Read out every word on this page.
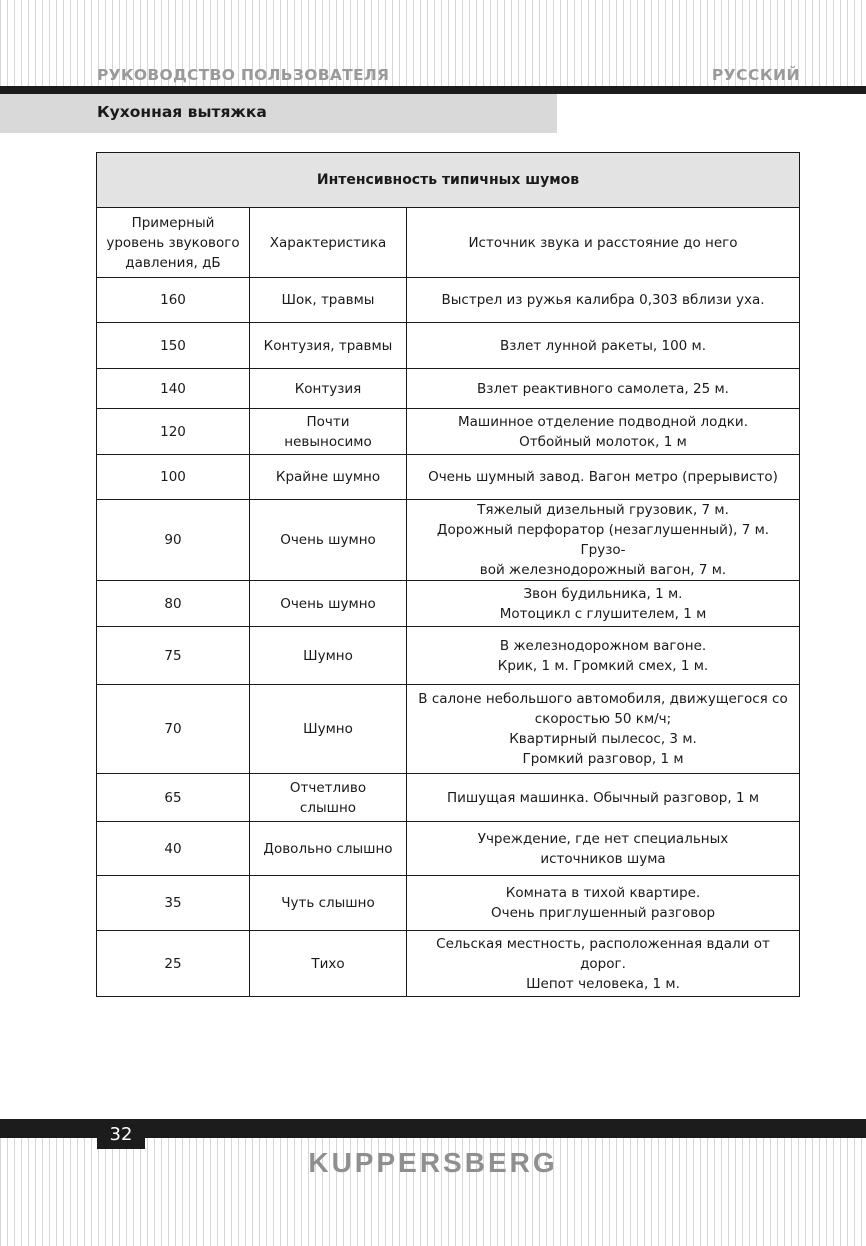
РУКОВОДСТВО ПОЛЬЗОВАТЕЛЯ	РУССКИЙ
Кухонная вытяжка
Интенсивность типичных шумов		
Примерный
уровень звукового
давления, дБ	Характеристика	Источник звука и расстояние до него
160	Шок, травмы	Выстрел из ружья калибра 0,303 вблизи уха.
150	Контузия, травмы	Взлет лунной ракеты, 100 м.
140	Контузия	Взлет реактивного самолета, 25 м.
120	Почти
невыносимо	Машинное отделение подводной лодки.
Отбойный молоток, 1 м
100	Крайне шумно	Очень шумный завод. Вагон метро (прерывисто)
90	Очень шумно	Тяжелый дизельный грузовик, 7 м.
Дорожный перфоратор (незаглушенный), 7 м. Грузо-
вой железнодорожный вагон, 7 м.
80	Очень шумно	Звон будильника, 1 м.
Мотоцикл с глушителем, 1 м
75	Шумно	В железнодорожном вагоне.
Крик, 1 м. Громкий смех, 1 м.
70	Шумно	В салоне небольшого автомобиля, движущегося со
скоростью 50 км/ч;
Квартирный пылесос, 3 м.
Громкий разговор, 1 м
65	Отчетливо
слышно	Пишущая машинка. Обычный разговор, 1 м
40	Довольно слышно	Учреждение, где нет специальных
источников шума
35	Чуть слышно	Комната в тихой квартире.
Очень приглушенный разговор
25	Тихо	Сельская местность, расположенная вдали от дорог.
Шепот человека, 1 м.
32
KUPPERSBERG
